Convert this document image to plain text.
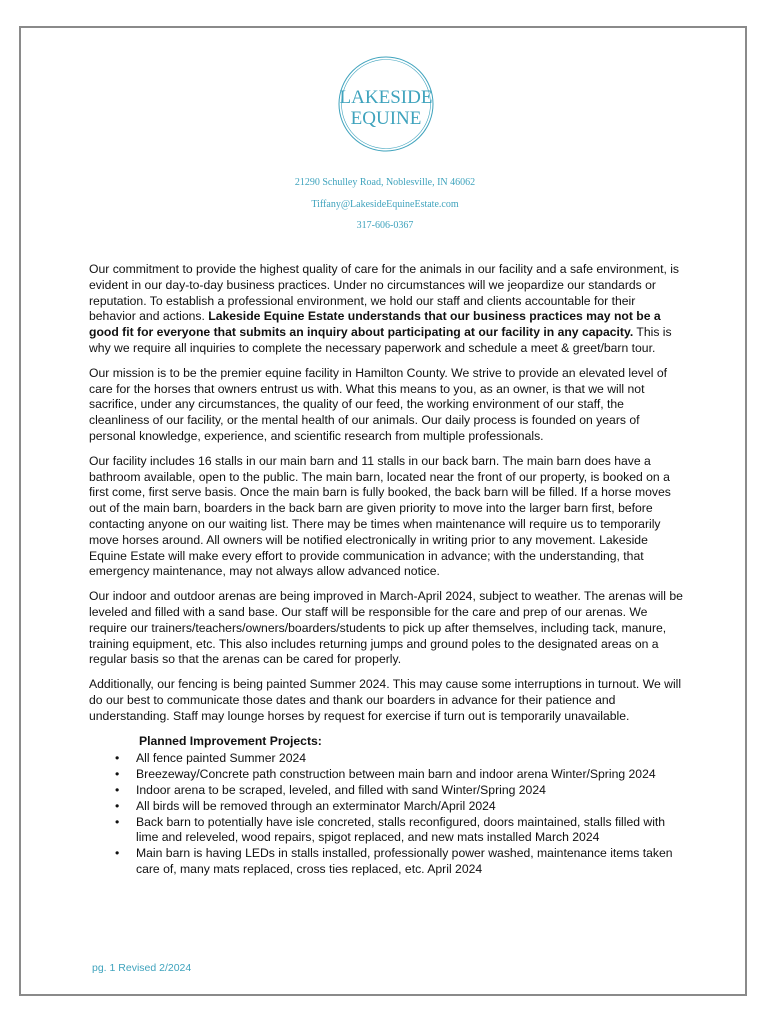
LAKESIDE
EQUINE
21290 Schulley Road, Noblesville, IN 46062
Tiffany@LakesideEquineEstate.com
317-606-0367

Our commitment to provide the highest quality of care for the animals in our facility and a safe environment, is evident in our day-to-day business practices. Under no circumstances will we jeopardize our standards or reputation. To establish a professional environment, we hold our staff and clients accountable for their behavior and actions. Lakeside Equine Estate understands that our business practices may not be a good fit for everyone that submits an inquiry about participating at our facility in any capacity. This is why we require all inquiries to complete the necessary paperwork and schedule a meet & greet/barn tour.

Our mission is to be the premier equine facility in Hamilton County. We strive to provide an elevated level of care for the horses that owners entrust us with. What this means to you, as an owner, is that we will not sacrifice, under any circumstances, the quality of our feed, the working environment of our staff, the cleanliness of our facility, or the mental health of our animals. Our daily process is founded on years of personal knowledge, experience, and scientific research from multiple professionals.

Our facility includes 16 stalls in our main barn and 11 stalls in our back barn. The main barn does have a bathroom available, open to the public. The main barn, located near the front of our property, is booked on a first come, first serve basis. Once the main barn is fully booked, the back barn will be filled. If a horse moves out of the main barn, boarders in the back barn are given priority to move into the larger barn first, before contacting anyone on our waiting list. There may be times when maintenance will require us to temporarily move horses around. All owners will be notified electronically in writing prior to any movement. Lakeside Equine Estate will make every effort to provide communication in advance; with the understanding, that emergency maintenance, may not always allow advanced notice.

Our indoor and outdoor arenas are being improved in March-April 2024, subject to weather. The arenas will be leveled and filled with a sand base. Our staff will be responsible for the care and prep of our arenas. We require our trainers/teachers/owners/boarders/students to pick up after themselves, including tack, manure, training equipment, etc. This also includes returning jumps and ground poles to the designated areas on a regular basis so that the arenas can be cared for properly.

Additionally, our fencing is being painted Summer 2024. This may cause some interruptions in turnout. We will do our best to communicate those dates and thank our boarders in advance for their patience and understanding. Staff may lounge horses by request for exercise if turn out is temporarily unavailable.

Planned Improvement Projects:
• All fence painted Summer 2024
• Breezeway/Concrete path construction between main barn and indoor arena Winter/Spring 2024
• Indoor arena to be scraped, leveled, and filled with sand Winter/Spring 2024
• All birds will be removed through an exterminator March/April 2024
• Back barn to potentially have isle concreted, stalls reconfigured, doors maintained, stalls filled with lime and releveled, wood repairs, spigot replaced, and new mats installed March 2024
• Main barn is having LEDs in stalls installed, professionally power washed, maintenance items taken care of, many mats replaced, cross ties replaced, etc. April 2024
pg. 1 Revised 2/2024
